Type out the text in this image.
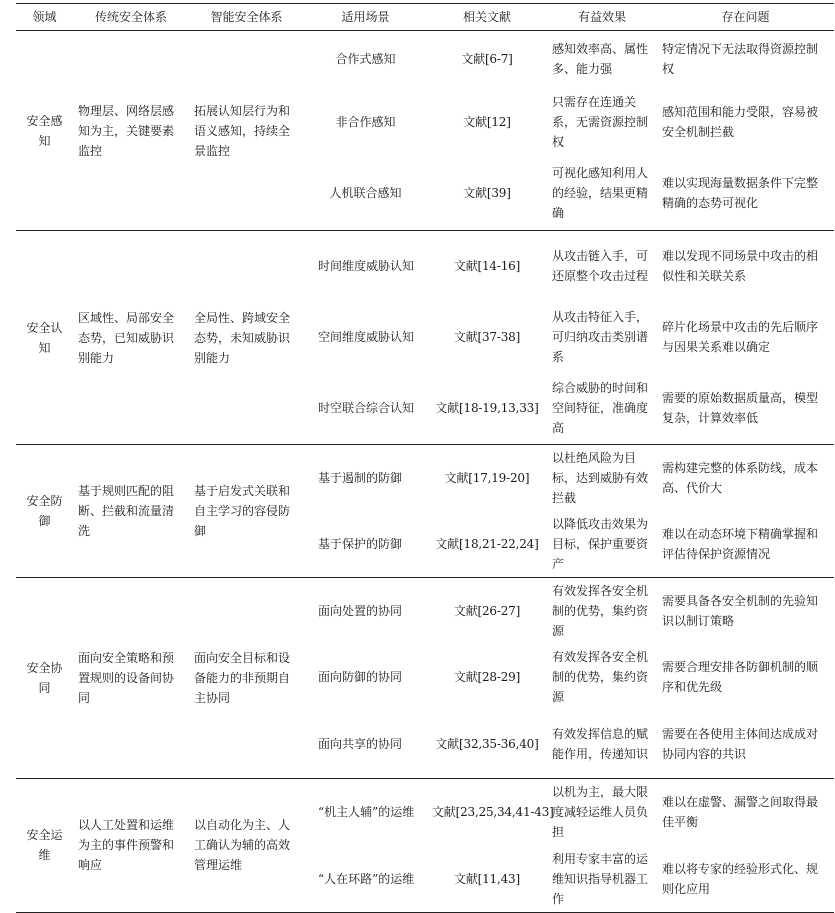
领域	传统安全体系	智能安全体系	适用场景	相关文献	有益效果	存在问题
安全感知	物理层、网络层感知为主，关键要素监控	拓展认知层行为和语义感知，持续全景监控	合作式感知	文献[6-7]	感知效率高、属性多、能力强	特定情况下无法取得资源控制权
			非合作感知	文献[12]	只需存在连通关系，无需资源控制权	感知范围和能力受限，容易被安全机制拦截
			人机联合感知	文献[39]	可视化感知利用人的经验，结果更精确	难以实现海量数据条件下完整精确的态势可视化
安全认知	区域性、局部安全态势，已知威胁识别能力	全局性、跨域安全态势，未知威胁识别能力	时间维度威胁认知	文献[14-16]	从攻击链入手，可还原整个攻击过程	难以发现不同场景中攻击的相似性和关联关系
			空间维度威胁认知	文献[37-38]	从攻击特征入手，可归纳攻击类别谱系	碎片化场景中攻击的先后顺序与因果关系难以确定
			时空联合综合认知	文献[18-19,13,33]	综合威胁的时间和空间特征，准确度高	需要的原始数据质量高，模型复杂，计算效率低
安全防御	基于规则匹配的阻断、拦截和流量清洗	基于启发式关联和自主学习的容侵防御	基于遏制的防御	文献[17,19-20]	以杜绝风险为目标，达到威胁有效拦截	需构建完整的体系防线，成本高、代价大
			基于保护的防御	文献[18,21-22,24]	以降低攻击效果为目标，保护重要资产	难以在动态环境下精确掌握和评估待保护资源情况
安全协同	面向安全策略和预置规则的设备间协同	面向安全目标和设备能力的非预期自主协同	面向处置的协同	文献[26-27]	有效发挥各安全机制的优势，集约资源	需要具备各安全机制的先验知识以制订策略
			面向防御的协同	文献[28-29]	有效发挥各安全机制的优势，集约资源	需要合理安排各防御机制的顺序和优先级
			面向共享的协同	文献[32,35-36,40]	有效发挥信息的赋能作用，传递知识	需要在各使用主体间达成成对协同内容的共识
安全运维	以人工处置和运维为主的事件预警和响应	以自动化为主、人工确认为辅的高效管理运维	“机主人辅”的运维	文献[23,25,34,41-43]	以机为主，最大限度减轻运维人员负担	难以在虚警、漏警之间取得最佳平衡
			“人在环路”的运维	文献[11,43]	利用专家丰富的运维知识指导机器工作	难以将专家的经验形式化、规则化应用
